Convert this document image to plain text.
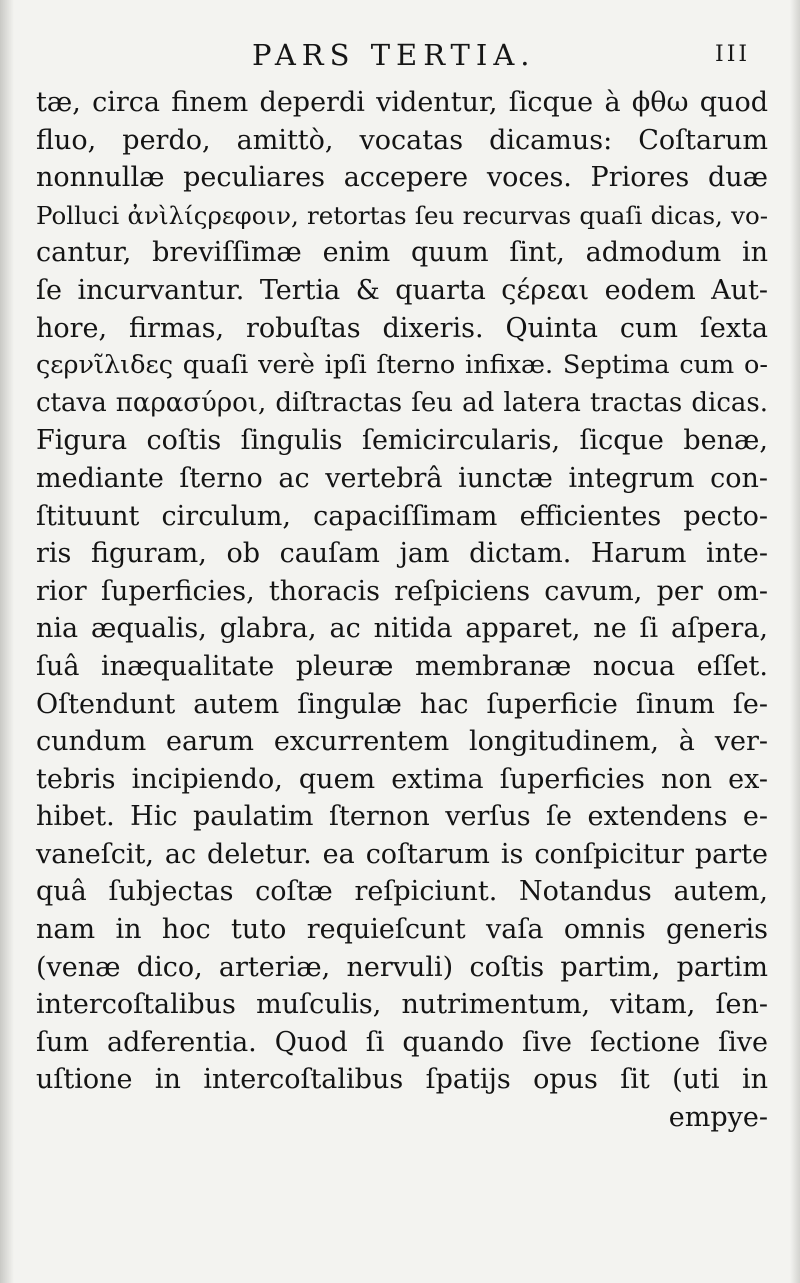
PARS TERTIA.	III
tæ, circa finem deperdi videntur, ſicque à ϕθω quod
fluo, perdo, amittò, vocatas dicamus: Coſtarum
nonnullæ peculiares accepere voces. Priores duæ
Polluci ἀνὶλίςρεφοιν, retortas ſeu recurvas quaſi dicas, vo-
cantur, breviſſimæ enim quum ſint, admodum in
ſe incurvantur. Tertia & quarta ςέρεαι eodem Aut-
hore, firmas, robuſtas dixeris. Quinta cum ſexta
ςερνῖλιδες quaſi verè ipſi ſterno infixæ. Septima cum o-
ctava παρασύροι, diſtractas ſeu ad latera tractas dicas.
Figura coſtis ſingulis ſemicircularis, ſicque benæ,
mediante ſterno ac vertebrâ iunctæ integrum con-
ſtituunt circulum, capaciſſimam efficientes pecto-
ris figuram, ob cauſam jam dictam. Harum inte-
rior ſuperficies, thoracis reſpiciens cavum, per om-
nia æqualis, glabra, ac nitida apparet, ne ſi aſpera,
ſuâ inæqualitate pleuræ membranæ nocua eſſet.
Oſtendunt autem ſingulæ hac ſuperficie ſinum ſe-
cundum earum excurrentem longitudinem, à ver-
tebris incipiendo, quem extima ſuperficies non ex-
hibet. Hic paulatim ſternon verſus ſe extendens e-
vaneſcit, ac deletur. ea coſtarum is conſpicitur parte
quâ ſubjectas coſtæ reſpiciunt. Notandus autem,
nam in hoc tuto requieſcunt vaſa omnis generis
(venæ dico, arteriæ, nervuli) coſtis partim, partim
intercoſtalibus muſculis, nutrimentum, vitam, ſen-
ſum adferentia. Quod ſi quando ſive ſectione ſive
uſtione in intercoſtalibus ſpatijs opus ſit (uti in
empye-
